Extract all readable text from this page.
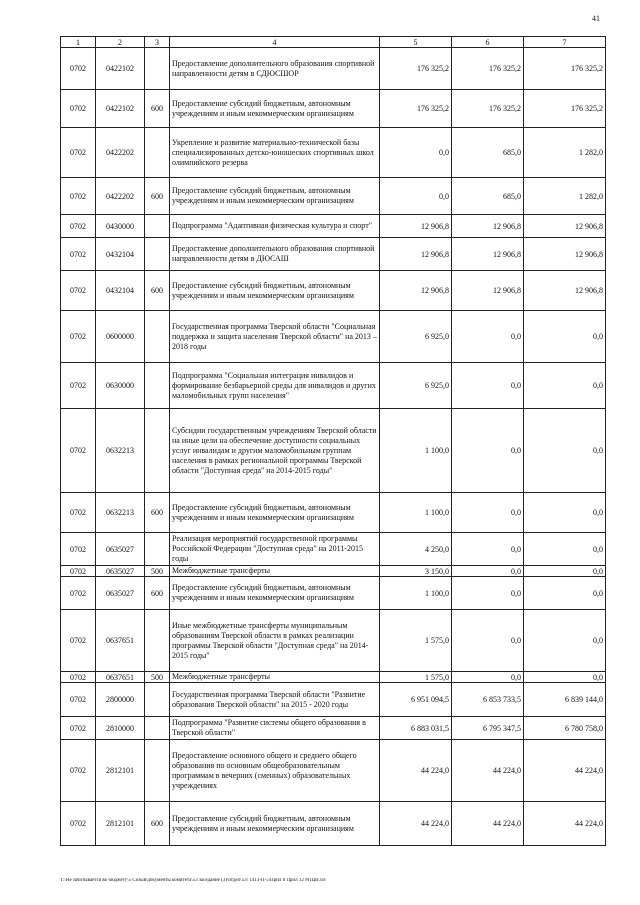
41
1	2	3	4	5	6	7
0702	0422102		Предоставление дополнительного образования спортивной направленности детям в СДЮСШОР	176 325,2	176 325,2	176 325,2
0702	0422102	600	Предоставление субсидий бюджетным, автономным учреждениям и иным некоммерческим организациям	176 325,2	176 325,2	176 325,2
0702	0422202		Укрепление и развитие материально-технической базы специализированных детско-юношеских спортивных школ олимпийского резерва	0,0	685,0	1 282,0
0702	0422202	600	Предоставление субсидий бюджетным, автономным учреждениям и иным некоммерческим организациям	0,0	685,0	1 282,0
0702	0430000		Подпрограмма "Адаптивная физическая культура и спорт"	12 906,8	12 906,8	12 906,8
0702	0432104		Предоставление дополнительного образования спортивной направленности детям в ДЮСАШ	12 906,8	12 906,8	12 906,8
0702	0432104	600	Предоставление субсидий бюджетным, автономным учреждениям и иным некоммерческим организациям	12 906,8	12 906,8	12 906,8
0702	0600000		Государственная программа Тверской области "Социальная поддержка и защита населения Тверской области" на 2013 – 2018 годы	6 925,0	0,0	0,0
0702	0630000		Подпрограмма "Социальная интеграция инвалидов и формирование безбарьерной среды для инвалидов и других маломобильных групп населения"	6 925,0	0,0	0,0
0702	0632213		Субсидии государственным учреждениям Тверской области на иные цели на обеспечение доступности социальных услуг инвалидам и другим маломобильным группам населения в рамках региональной программы Тверской области "Доступная среда" на 2014-2015 годы"	1 100,0	0,0	0,0
0702	0632213	600	Предоставление субсидий бюджетным, автономным учреждениям и иным некоммерческим организациям	1 100,0	0,0	0,0
0702	0635027		Реализация мероприятий государственной программы Российской Федерации "Доступная среда" на 2011-2015 годы	4 250,0	0,0	0,0
0702	0635027	500	Межбюджетные трансферты	3 150,0	0,0	0,0
0702	0635027	600	Предоставление субсидий бюджетным, автономным учреждениям и иным некоммерческим организациям	1 100,0	0,0	0,0
0702	0637651		Иные межбюджетные трансферты муниципальным образованиям Тверской области в рамках реализации программы Тверской области "Доступная среда" на 2014-2015 годы"	1 575,0	0,0	0,0
0702	0637651	500	Межбюджетные трансферты	1 575,0	0,0	0,0
0702	2800000		Государственная программа Тверской области "Развитие образования Тверской области" на 2015 - 2020 годы	6 951 094,5	6 853 733,5	6 839 144,0
0702	2810000		Подпрограмма "Развитие системы общего образования в Тверской области"	6 883 031,5	6 795 347,5	6 780 758,0
0702	2812101		Предоставление основного общего и среднего общего образования по основным общеобразовательным программам в вечерних (сменных) образовательных учреждениях	44 224,0	44 224,0	44 224,0
0702	2812101	600	Предоставление субсидий бюджетным, автономным учреждениям и иным некоммерческим организациям	44 224,0	44 224,0	44 224,0
Т:\Не зачитывается во бюджету\5 Созыв\документы комитета\53 заседание (3)\отдел\53\ 1413-П-5\Прил 8 Прил 12 РПЦВ.xls
